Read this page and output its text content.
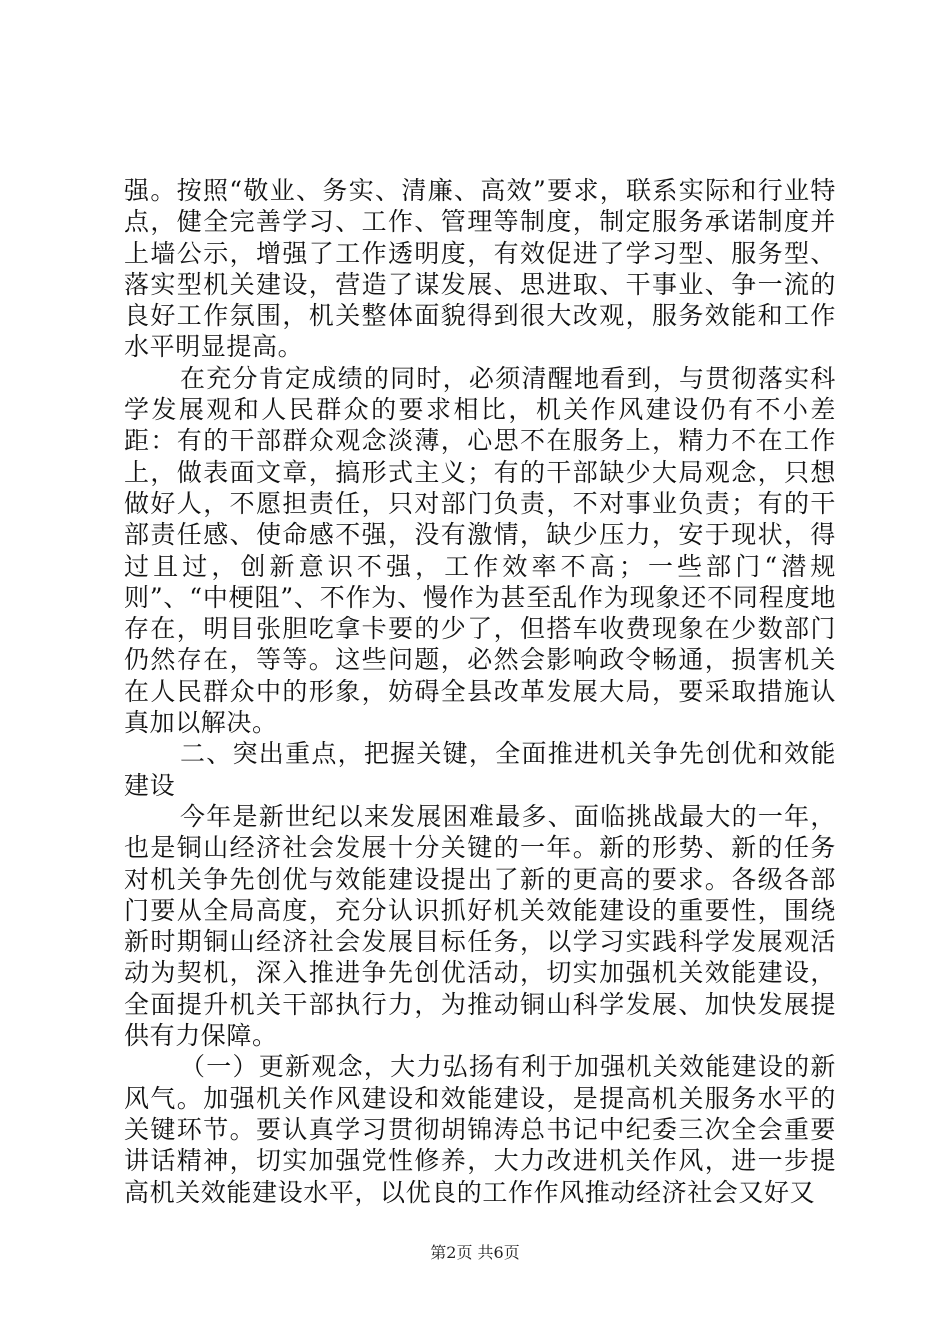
强。按照“敬业、务实、清廉、高效”要求，联系实际和行业特点，健全完善学习、工作、管理等制度，制定服务承诺制度并上墙公示，增强了工作透明度，有效促进了学习型、服务型、落实型机关建设，营造了谋发展、思进取、干事业、争一流的良好工作氛围，机关整体面貌得到很大改观，服务效能和工作水平明显提高。

在充分肯定成绩的同时，必须清醒地看到，与贯彻落实科学发展观和人民群众的要求相比，机关作风建设仍有不小差距：有的干部群众观念淡薄，心思不在服务上，精力不在工作上，做表面文章，搞形式主义；有的干部缺少大局观念，只想做好人，不愿担责任，只对部门负责，不对事业负责；有的干部责任感、使命感不强，没有激情，缺少压力，安于现状，得过且过，创新意识不强，工作效率不高；一些部门“潜规则”、“中梗阻”、不作为、慢作为甚至乱作为现象还不同程度地存在，明目张胆吃拿卡要的少了，但搭车收费现象在少数部门仍然存在，等等。这些问题，必然会影响政令畅通，损害机关在人民群众中的形象，妨碍全县改革发展大局，要采取措施认真加以解决。

二、突出重点，把握关键，全面推进机关争先创优和效能建设

今年是新世纪以来发展困难最多、面临挑战最大的一年，也是铜山经济社会发展十分关键的一年。新的形势、新的任务对机关争先创优与效能建设提出了新的更高的要求。各级各部门要从全局高度，充分认识抓好机关效能建设的重要性，围绕新时期铜山经济社会发展目标任务，以学习实践科学发展观活动为契机，深入推进争先创优活动，切实加强机关效能建设，全面提升机关干部执行力，为推动铜山科学发展、加快发展提供有力保障。

（一）更新观念，大力弘扬有利于加强机关效能建设的新风气。加强机关作风建设和效能建设，是提高机关服务水平的关键环节。要认真学习贯彻胡锦涛总书记中纪委三次全会重要讲话精神，切实加强党性修养，大力改进机关作风，进一步提高机关效能建设水平，以优良的工作作风推动经济社会又好又

第2页 共6页
